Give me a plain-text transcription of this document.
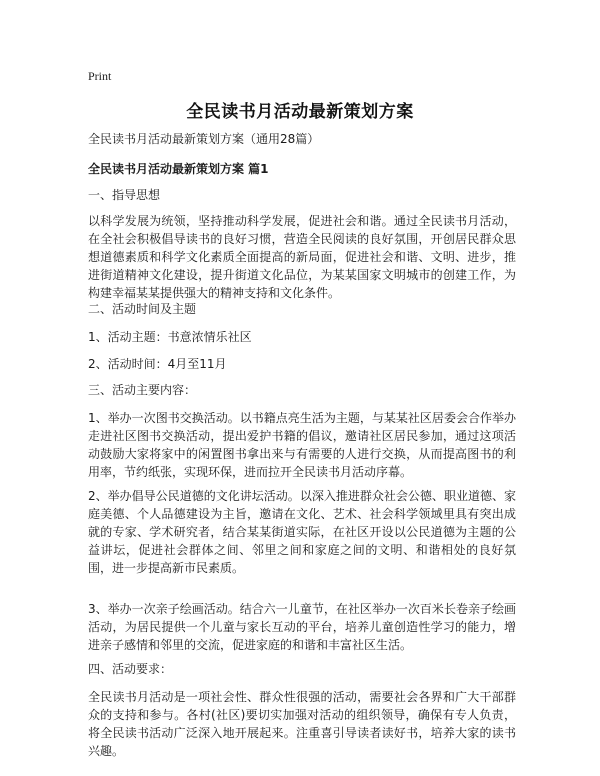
Print
全民读书月活动最新策划方案
全民读书月活动最新策划方案（通用28篇）
全民读书月活动最新策划方案 篇1
一、指导思想
以科学发展为统领，坚持推动科学发展，促进社会和谐。通过全民读书月活动，在全社会积极倡导读书的良好习惯，营造全民阅读的良好氛围，开创居民群众思想道德素质和科学文化素质全面提高的新局面，促进社会和谐、文明、进步，推进街道精神文化建设，提升街道文化品位，为某某国家文明城市的创建工作，为构建幸福某某提供强大的精神支持和文化条件。
二、活动时间及主题
1、活动主题：书意浓情乐社区
2、活动时间：4月至11月
三、活动主要内容：
1、举办一次图书交换活动。以书籍点亮生活为主题，与某某社区居委会合作举办走进社区图书交换活动，提出爱护书籍的倡议，邀请社区居民参加，通过这项活动鼓励大家将家中的闲置图书拿出来与有需要的人进行交换，从而提高图书的利用率，节约纸张，实现环保，进而拉开全民读书月活动序幕。
2、举办倡导公民道德的文化讲坛活动。以深入推进群众社会公德、职业道德、家庭美德、个人品德建设为主旨，邀请在文化、艺术、社会科学领域里具有突出成就的专家、学术研究者，结合某某街道实际，在社区开设以公民道德为主题的公益讲坛，促进社会群体之间、邻里之间和家庭之间的文明、和谐相处的良好氛围，进一步提高新市民素质。
3、举办一次亲子绘画活动。结合六一儿童节，在社区举办一次百米长卷亲子绘画活动，为居民提供一个儿童与家长互动的平台，培养儿童创造性学习的能力，增进亲子感情和邻里的交流，促进家庭的和谐和丰富社区生活。
四、活动要求：
全民读书月活动是一项社会性、群众性很强的活动，需要社会各界和广大干部群众的支持和参与。各村(社区)要切实加强对活动的组织领导，确保有专人负责，将全民读书活动广泛深入地开展起来。注重喜引导读者读好书，培养大家的读书兴趣。
